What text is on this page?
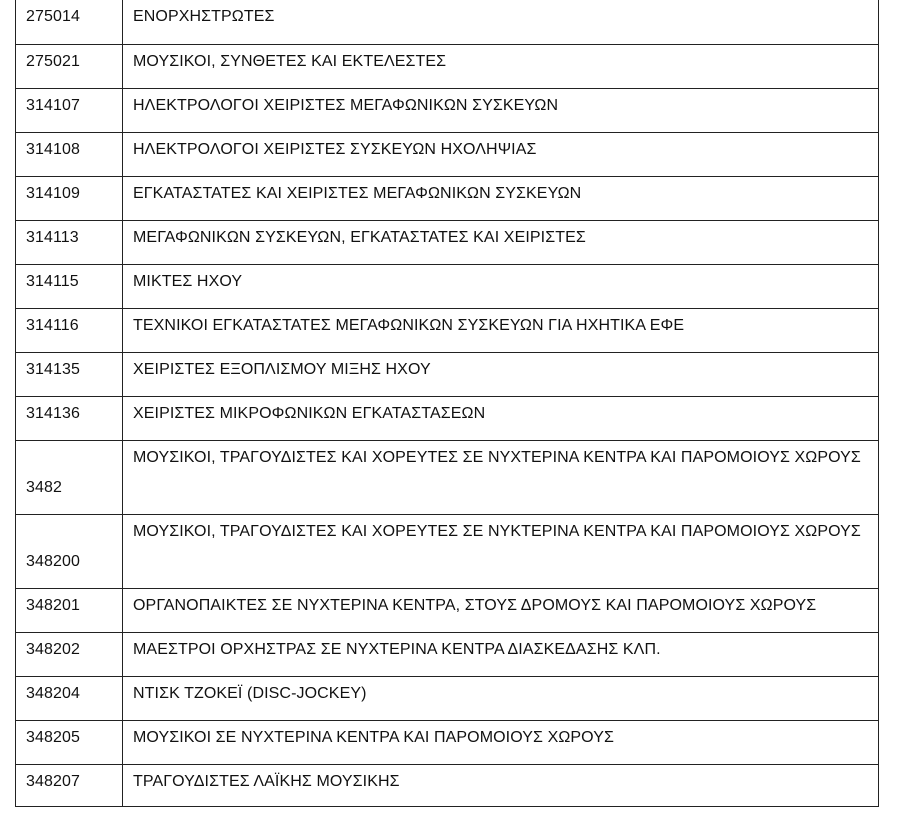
275014	ΕΝΟΡΧΗΣΤΡΩΤΕΣ
275021	ΜΟΥΣΙΚΟΙ, ΣΥΝΘΕΤΕΣ ΚΑΙ ΕΚΤΕΛΕΣΤΕΣ
314107	ΗΛΕΚΤΡΟΛΟΓΟΙ ΧΕΙΡΙΣΤΕΣ ΜΕΓΑΦΩΝΙΚΩΝ ΣΥΣΚΕΥΩΝ
314108	ΗΛΕΚΤΡΟΛΟΓΟΙ ΧΕΙΡΙΣΤΕΣ ΣΥΣΚΕΥΩΝ ΗΧΟΛΗΨΙΑΣ
314109	ΕΓΚΑΤΑΣΤΑΤΕΣ ΚΑΙ ΧΕΙΡΙΣΤΕΣ ΜΕΓΑΦΩΝΙΚΩΝ ΣΥΣΚΕΥΩΝ
314113	ΜΕΓΑΦΩΝΙΚΩΝ ΣΥΣΚΕΥΩΝ, ΕΓΚΑΤΑΣΤΑΤΕΣ ΚΑΙ ΧΕΙΡΙΣΤΕΣ
314115	ΜΙΚΤΕΣ ΗΧΟΥ
314116	ΤΕΧΝΙΚΟΙ ΕΓΚΑΤΑΣΤΑΤΕΣ ΜΕΓΑΦΩΝΙΚΩΝ ΣΥΣΚΕΥΩΝ ΓΙΑ ΗΧΗΤΙΚΑ ΕΦΕ
314135	ΧΕΙΡΙΣΤΕΣ ΕΞΟΠΛΙΣΜΟΥ ΜΙΞΗΣ ΗΧΟΥ
314136	ΧΕΙΡΙΣΤΕΣ ΜΙΚΡΟΦΩΝΙΚΩΝ ΕΓΚΑΤΑΣΤΑΣΕΩΝ
3482	ΜΟΥΣΙΚΟΙ, ΤΡΑΓΟΥΔΙΣΤΕΣ ΚΑΙ ΧΟΡΕΥΤΕΣ ΣΕ ΝΥΧΤΕΡΙΝΑ ΚΕΝΤΡΑ ΚΑΙ ΠΑΡΟΜΟΙΟΥΣ ΧΩΡΟΥΣ
348200	ΜΟΥΣΙΚΟΙ, ΤΡΑΓΟΥΔΙΣΤΕΣ ΚΑΙ ΧΟΡΕΥΤΕΣ ΣΕ ΝΥΚΤΕΡΙΝΑ ΚΕΝΤΡΑ ΚΑΙ ΠΑΡΟΜΟΙΟΥΣ ΧΩΡΟΥΣ
348201	ΟΡΓΑΝΟΠΑΙΚΤΕΣ ΣΕ ΝΥΧΤΕΡΙΝΑ ΚΕΝΤΡΑ, ΣΤΟΥΣ ΔΡΟΜΟΥΣ ΚΑΙ ΠΑΡΟΜΟΙΟΥΣ ΧΩΡΟΥΣ
348202	ΜΑΕΣΤΡΟΙ ΟΡΧΗΣΤΡΑΣ ΣΕ ΝΥΧΤΕΡΙΝΑ ΚΕΝΤΡΑ ΔΙΑΣΚΕΔΑΣΗΣ ΚΛΠ.
348204	ΝΤΙΣΚ ΤΖΟΚΕΪ (DISC-JOCKEY)
348205	ΜΟΥΣΙΚΟΙ ΣΕ ΝΥΧΤΕΡΙΝΑ ΚΕΝΤΡΑ ΚΑΙ ΠΑΡΟΜΟΙΟΥΣ ΧΩΡΟΥΣ
348207	ΤΡΑΓΟΥΔΙΣΤΕΣ ΛΑΪΚΗΣ ΜΟΥΣΙΚΗΣ
